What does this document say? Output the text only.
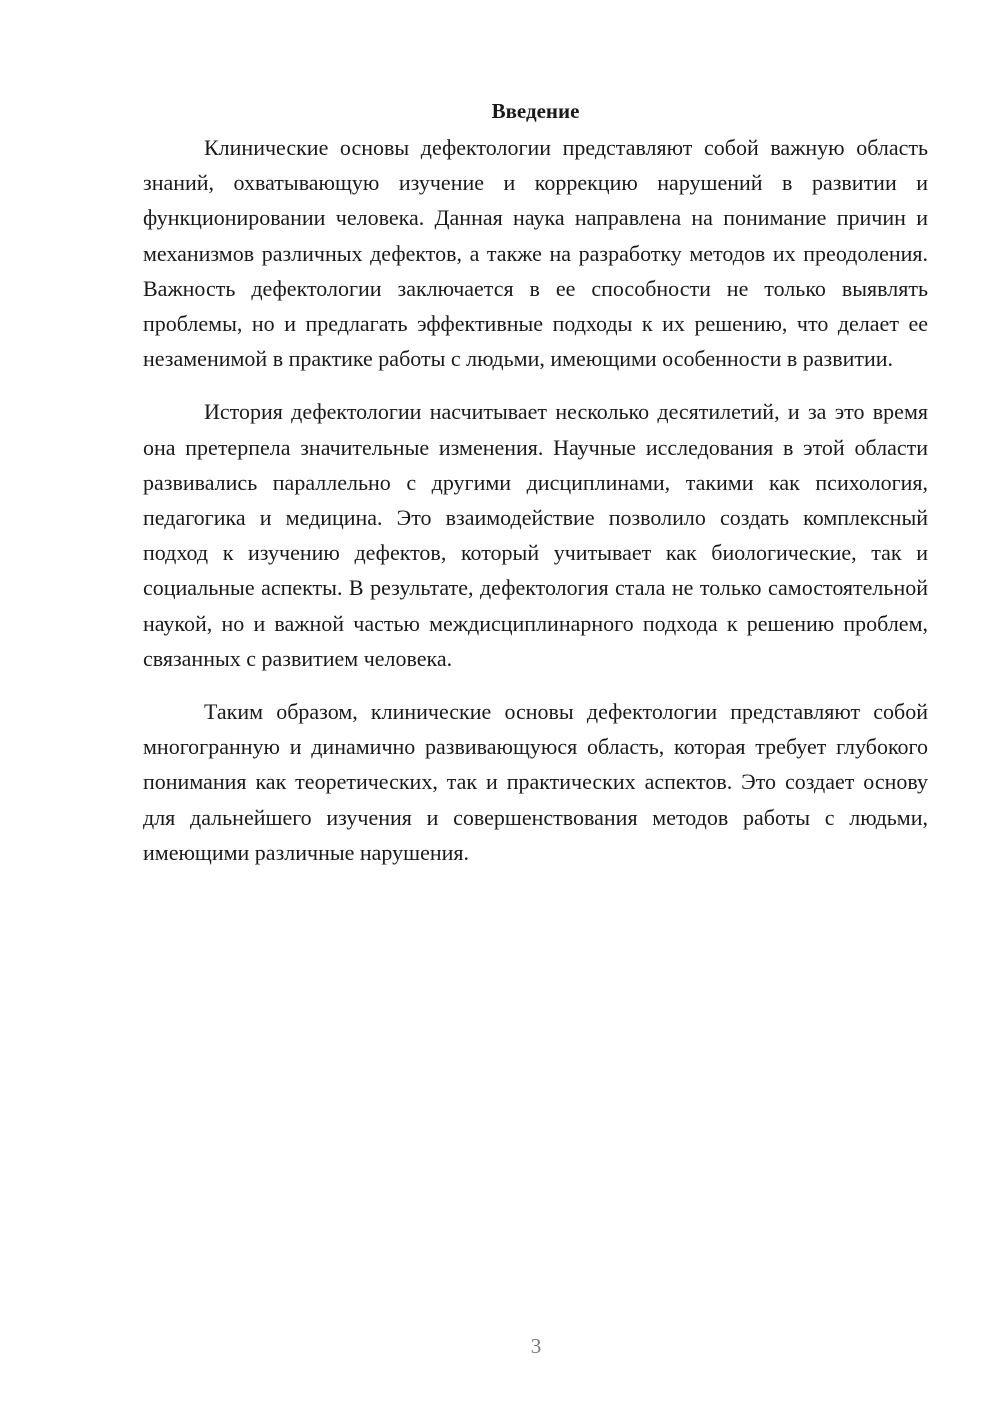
Введение

Клинические основы дефектологии представляют собой важную область знаний, охватывающую изучение и коррекцию нарушений в развитии и функционировании человека. Данная наука направлена на понимание причин и механизмов различных дефектов, а также на разработку методов их преодоления. Важность дефектологии заключается в ее способности не только выявлять проблемы, но и предлагать эффективные подходы к их решению, что делает ее незаменимой в практике работы с людьми, имеющими особенности в развитии.

История дефектологии насчитывает несколько десятилетий, и за это время она претерпела значительные изменения. Научные исследования в этой области развивались параллельно с другими дисциплинами, такими как психология, педагогика и медицина. Это взаимодействие позволило создать комплексный подход к изучению дефектов, который учитывает как биологические, так и социальные аспекты. В результате, дефектология стала не только самостоятельной наукой, но и важной частью междисциплинарного подхода к решению проблем, связанных с развитием человека.

Таким образом, клинические основы дефектологии представляют собой многогранную и динамично развивающуюся область, которая требует глубокого понимания как теоретических, так и практических аспектов. Это создает основу для дальнейшего изучения и совершенствования методов работы с людьми, имеющими различные нарушения.

3
